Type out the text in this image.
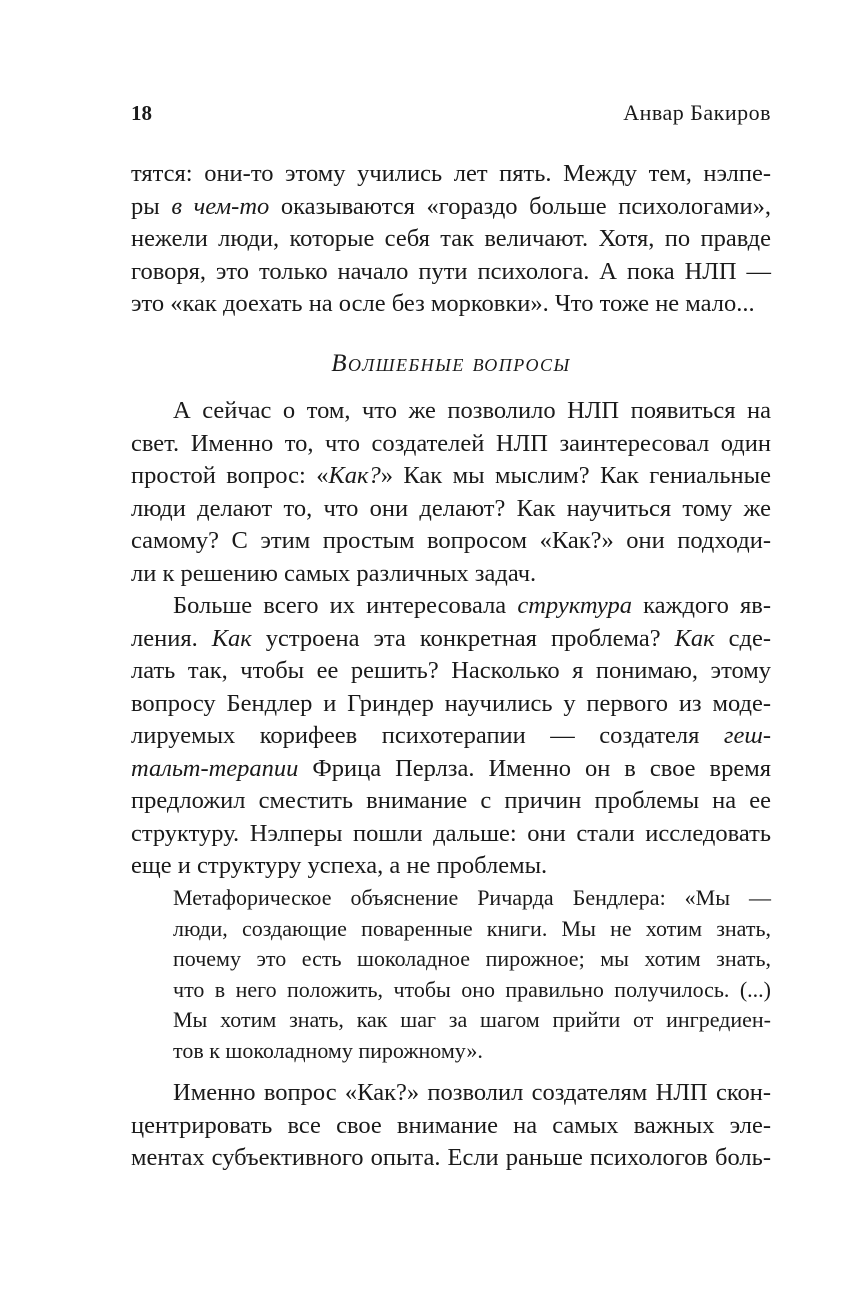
18	Анвар Бакиров
тятся: они-то этому учились лет пять. Между тем, нэлпе-
ры в чем-то оказываются «гораздо больше психологами»,
нежели люди, которые себя так величают. Хотя, по правде
говоря, это только начало пути психолога. А пока НЛП —
это «как доехать на осле без морковки». Что тоже не мало...
Волшебные вопросы
А сейчас о том, что же позволило НЛП появиться на
свет. Именно то, что создателей НЛП заинтересовал один
простой вопрос: «Как?» Как мы мыслим? Как гениальные
люди делают то, что они делают? Как научиться тому же
самому? С этим простым вопросом «Как?» они подходи-
ли к решению самых различных задач.
Больше всего их интересовала структура каждого яв-
ления. Как устроена эта конкретная проблема? Как сде-
лать так, чтобы ее решить? Насколько я понимаю, этому
вопросу Бендлер и Гриндер научились у первого из моде-
лируемых корифеев психотерапии — создателя геш-
тальт-терапии Фрица Перлза. Именно он в свое время
предложил сместить внимание с причин проблемы на ее
структуру. Нэлперы пошли дальше: они стали исследовать
еще и структуру успеха, а не проблемы.
Метафорическое объяснение Ричарда Бендлера: «Мы —
люди, создающие поваренные книги. Мы не хотим знать,
почему это есть шоколадное пирожное; мы хотим знать,
что в него положить, чтобы оно правильно получилось. (...)
Мы хотим знать, как шаг за шагом прийти от ингредиен-
тов к шоколадному пирожному».
Именно вопрос «Как?» позволил создателям НЛП скон-
центрировать все свое внимание на самых важных эле-
ментах субъективного опыта. Если раньше психологов боль-
